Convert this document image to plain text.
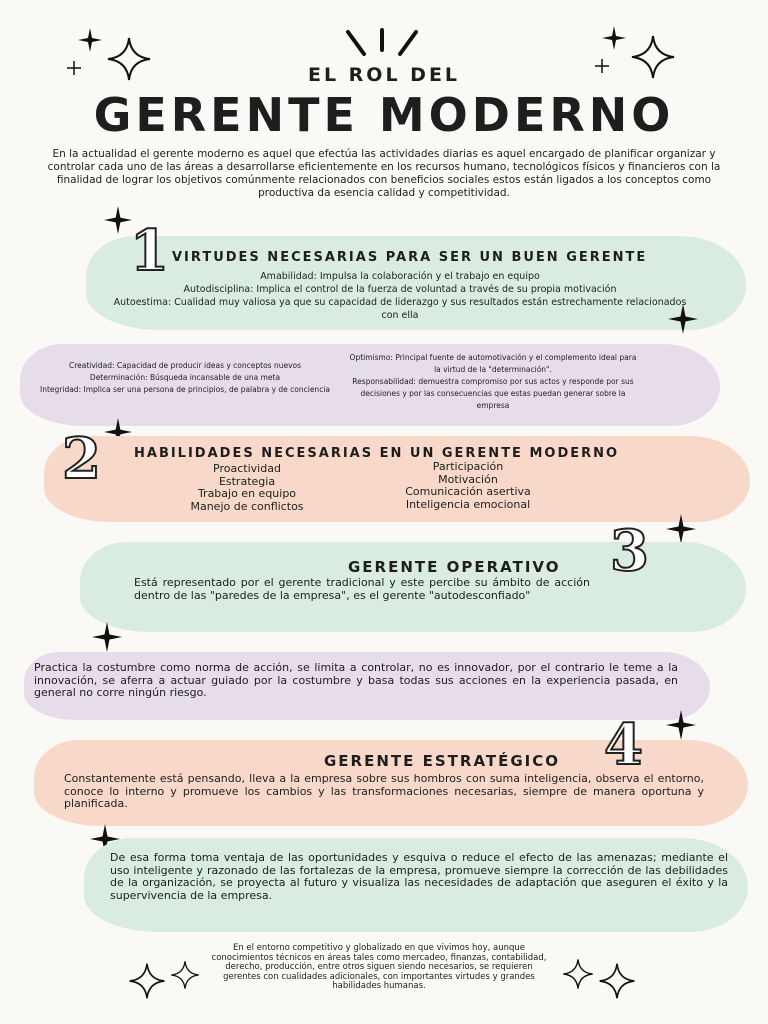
EL ROL DEL
GERENTE MODERNO
En la actualidad el gerente moderno es aquel que efectúa las actividades diarias es aquel encargado de planificar organizar y controlar cada uno de las áreas a desarrollarse eficientemente en los recursos humano, tecnológicos físicos y financieros con la finalidad de lograr los objetivos comúnmente relacionados con beneficios sociales estos están ligados a los conceptos como productiva da esencia calidad y competitividad.
1 VIRTUDES NECESARIAS PARA SER UN BUEN GERENTE
Amabilidad: Impulsa la colaboración y el trabajo en equipo
Autodisciplina: Implica el control de la fuerza de voluntad a través de su propia motivación
Autoestima: Cualidad muy valiosa ya que su capacidad de liderazgo y sus resultados están estrechamente relacionados con ella
Creatividad: Capacidad de producir ideas y conceptos nuevos
Determinación: Búsqueda incansable de una meta
Integridad: Implica ser una persona de principios, de palabra y de conciencia
Optimismo: Principal fuente de automotivación y el complemento ideal para la virtud de la "determinación".
Responsabilidad: demuestra compromiso por sus actos y responde por sus decisiones y por las consecuencias que estas puedan generar sobre la empresa
2	HABILIDADES NECESARIAS EN UN GERENTE MODERNO
Proactividad
Estrategia
Trabajo en equipo
Manejo de conflictos
Participación
Motivación
Comunicación asertiva
Inteligencia emocional
3
GERENTE OPERATIVO
Está representado por el gerente tradicional y este percibe su ámbito de acción dentro de las "paredes de la empresa", es el gerente "autodesconfiado"
Practica la costumbre como norma de acción, se limita a controlar, no es innovador, por el contrario le teme a la innovación, se aferra a actuar guiado por la costumbre y basa todas sus acciones en la experiencia pasada, en general no corre ningún riesgo.
4
GERENTE ESTRATÉGICO
Constantemente está pensando, lleva a la empresa sobre sus hombros con suma inteligencia, observa el entorno, conoce lo interno y promueve los cambios y las transformaciones necesarias, siempre de manera oportuna y planificada.
De esa forma toma ventaja de las oportunidades y esquiva o reduce el efecto de las amenazas; mediante el uso inteligente y razonado de las fortalezas de la empresa, promueve siempre la corrección de las debilidades de la organización, se proyecta al futuro y visualiza las necesidades de adaptación que aseguren el éxito y la supervivencia de la empresa.
En el entorno competitivo y globalizado en que vivimos hoy, aunque conocimientos técnicos en áreas tales como mercadeo, finanzas, contabilidad, derecho, producción, entre otros siguen siendo necesarios, se requieren gerentes con cualidades adicionales, con importantes virtudes y grandes habilidades humanas.
